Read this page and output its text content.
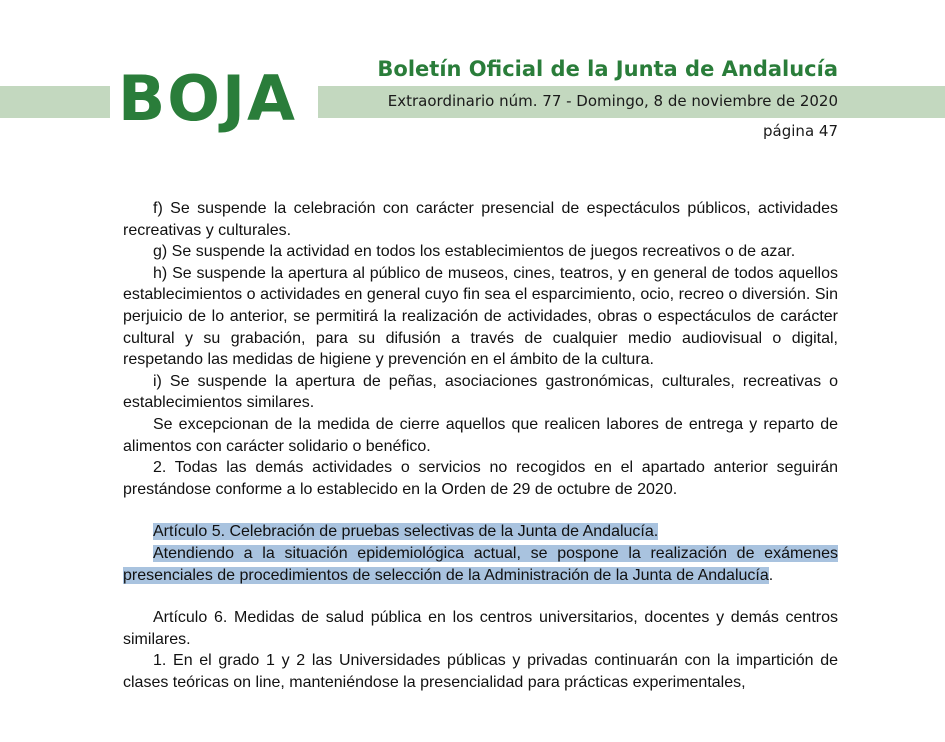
BOJA	Boletín Oficial de la Junta de Andalucía
Extraordinario núm. 77 - Domingo, 8 de noviembre de 2020
página 47

f) Se suspende la celebración con carácter presencial de espectáculos públicos, actividades recreativas y culturales.

g) Se suspende la actividad en todos los establecimientos de juegos recreativos o de azar.

h) Se suspende la apertura al público de museos, cines, teatros, y en general de todos aquellos establecimientos o actividades en general cuyo fin sea el esparcimiento, ocio, recreo o diversión. Sin perjuicio de lo anterior, se permitirá la realización de actividades, obras o espectáculos de carácter cultural y su grabación, para su difusión a través de cualquier medio audiovisual o digital, respetando las medidas de higiene y prevención en el ámbito de la cultura.

i) Se suspende la apertura de peñas, asociaciones gastronómicas, culturales, recreativas o establecimientos similares.

Se excepcionan de la medida de cierre aquellos que realicen labores de entrega y reparto de alimentos con carácter solidario o benéfico.

2. Todas las demás actividades o servicios no recogidos en el apartado anterior seguirán prestándose conforme a lo establecido en la Orden de 29 de octubre de 2020.

Artículo 5. Celebración de pruebas selectivas de la Junta de Andalucía.

Atendiendo a la situación epidemiológica actual, se pospone la realización de exámenes presenciales de procedimientos de selección de la Administración de la Junta de Andalucía.

Artículo 6. Medidas de salud pública en los centros universitarios, docentes y demás centros similares.

1. En el grado 1 y 2 las Universidades públicas y privadas continuarán con la impartición de clases teóricas on line, manteniéndose la presencialidad para prácticas experimentales,
